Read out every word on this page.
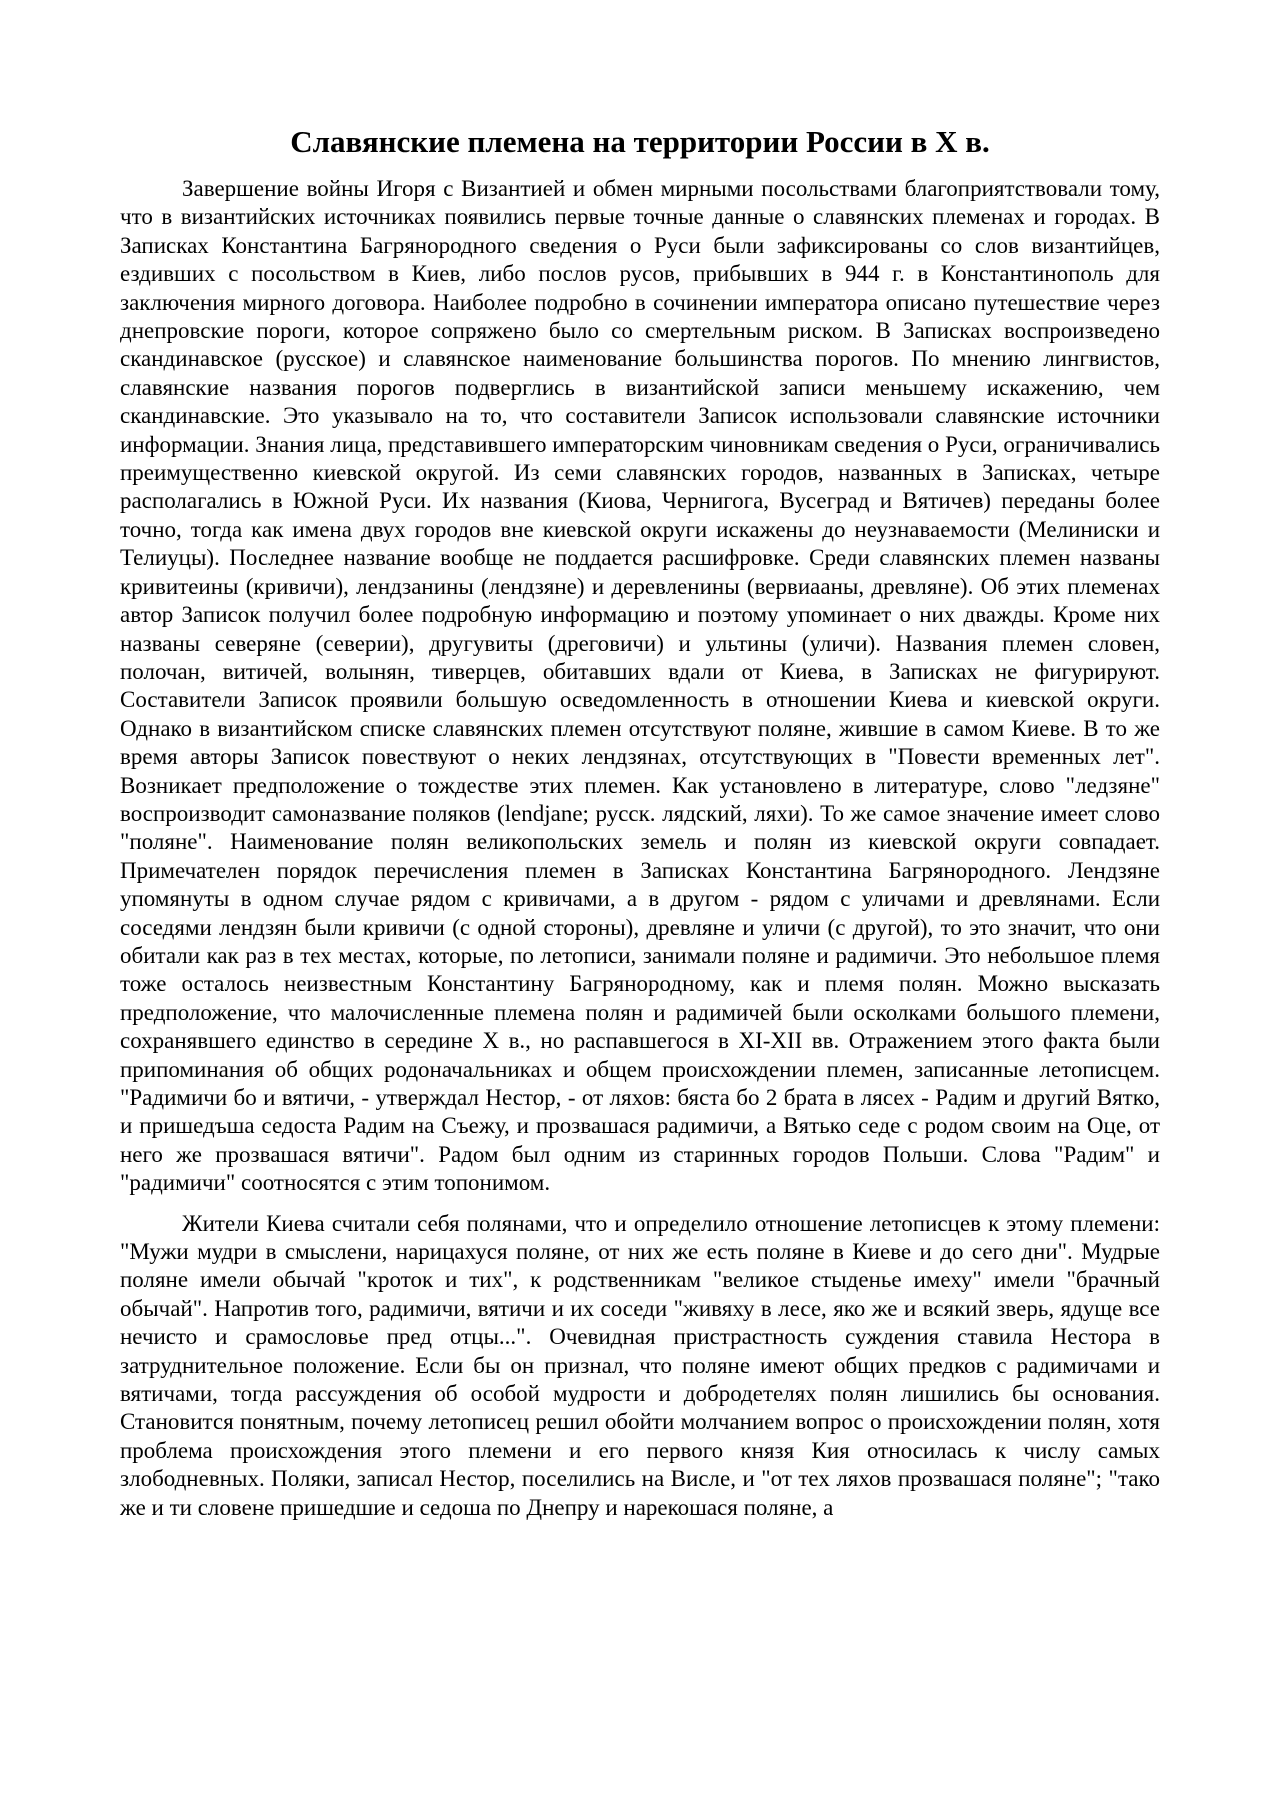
Славянские племена на территории России в X в.

Завершение войны Игоря с Византией и обмен мирными посольствами благоприятствовали тому, что в византийских источниках появились первые точные данные о славянских племенах и городах. В Записках Константина Багрянородного сведения о Руси были зафиксированы со слов византийцев, ездивших с посольством в Киев, либо послов русов, прибывших в 944 г. в Константинополь для заключения мирного договора. Наиболее подробно в сочинении императора описано путешествие через днепровские пороги, которое сопряжено было со смертельным риском. В Записках воспроизведено скандинавское (русское) и славянское наименование большинства порогов. По мнению лингвистов, славянские названия порогов подверглись в византийской записи меньшему искажению, чем скандинавские. Это указывало на то, что составители Записок использовали славянские источники информации. Знания лица, представившего императорским чиновникам сведения о Руси, ограничивались преимущественно киевской округой. Из семи славянских городов, названных в Записках, четыре располагались в Южной Руси. Их названия (Киова, Чернигога, Вусеград и Вятичев) переданы более точно, тогда как имена двух городов вне киевской округи искажены до неузнаваемости (Мелиниски и Телиуцы). Последнее название вообще не поддается расшифровке. Среди славянских племен названы кривитеины (кривичи), лендзанины (лендзяне) и деревленины (вервиааны, древляне). Об этих племенах автор Записок получил более подробную информацию и поэтому упоминает о них дважды. Кроме них названы северяне (северии), другувиты (дреговичи) и ультины (уличи). Названия племен словен, полочан, витичей, волынян, тиверцев, обитавших вдали от Киева, в Записках не фигурируют. Составители Записок проявили большую осведомленность в отношении Киева и киевской округи. Однако в византийском списке славянских племен отсутствуют поляне, жившие в самом Киеве. В то же время авторы Записок повествуют о неких лендзянах, отсутствующих в "Повести временных лет". Возникает предположение о тождестве этих племен. Как установлено в литературе, слово "ледзяне" воспроизводит самоназвание поляков (lendjane; русск. лядский, ляхи). То же самое значение имеет слово "поляне". Наименование полян великопольских земель и полян из киевской округи совпадает. Примечателен порядок перечисления племен в Записках Константина Багрянородного. Лендзяне упомянуты в одном случае рядом с кривичами, а в другом - рядом с уличами и древлянами. Если соседями лендзян были кривичи (с одной стороны), древляне и уличи (с другой), то это значит, что они обитали как раз в тех местах, которые, по летописи, занимали поляне и радимичи. Это небольшое племя тоже осталось неизвестным Константину Багрянородному, как и племя полян. Можно высказать предположение, что малочисленные племена полян и радимичей были осколками большого племени, сохранявшего единство в середине X в., но распавшегося в XI-XII вв. Отражением этого факта были припоминания об общих родоначальниках и общем происхождении племен, записанные летописцем. "Радимичи бо и вятичи, - утверждал Нестор, - от ляхов: бяста бо 2 брата в лясех - Радим и другий Вятко, и пришедъша седоста Радим на Съежу, и прозвашася радимичи, а Вятько седе с родом своим на Оце, от него же прозвашася вятичи". Радом был одним из старинных городов Польши. Слова "Радим" и "радимичи" соотносятся с этим топонимом.

Жители Киева считали себя полянами, что и определило отношение летописцев к этому племени: "Мужи мудри в смыслени, нарицахуся поляне, от них же есть поляне в Киеве и до сего дни". Мудрые поляне имели обычай "кроток и тих", к родственникам "великое стыденье имеху" имели "брачный обычай". Напротив того, радимичи, вятичи и их соседи "живяху в лесе, яко же и всякий зверь, ядуще все нечисто и срамословье пред отцы...". Очевидная пристрастность суждения ставила Нестора в затруднительное положение. Если бы он признал, что поляне имеют общих предков с радимичами и вятичами, тогда рассуждения об особой мудрости и добродетелях полян лишились бы основания. Становится понятным, почему летописец решил обойти молчанием вопрос о происхождении полян, хотя проблема происхождения этого племени и его первого князя Кия относилась к числу самых злободневных. Поляки, записал Нестор, поселились на Висле, и "от тех ляхов прозвашася поляне"; "тако же и ти словене пришедшие и седоша по Днепру и нарекошася поляне, а
